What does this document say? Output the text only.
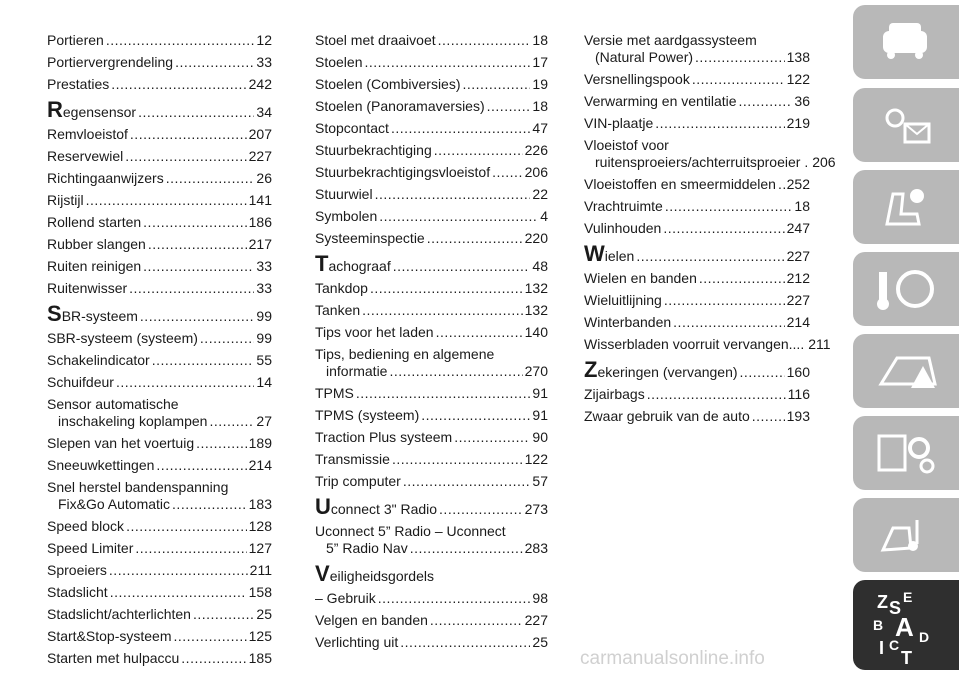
Portieren .....	12
Portiervergrendeling .....	33
Prestaties .....	242
Regensensor .....	34
Remvloeistof .....	207
Reservewiel .....	227
Richtingaanwijzers .....	26
Rijstijl .....	141
Rollend starten .....	186
Rubber slangen .....	217
Ruiten reinigen .....	33
Ruitenwisser .....	33
SBR-systeem .....	99
SBR-systeem (systeem) .....	99
Schakelindicator .....	55
Schuifdeur .....	14
Sensor automatische
inschakeling koplampen .....	27
Slepen van het voertuig .....	189
Sneeuwkettingen .....	214
Snel herstel bandenspanning
Fix&Go Automatic .....	183
Speed block .....	128
Speed Limiter .....	127
Sproeiers .....	211
Stadslicht .....	158
Stadslicht/achterlichten .....	25
Start&Stop-systeem .....	125
Starten met hulpaccu .....	185
Stoel met draaivoet .....	18
Stoelen .....	17
Stoelen (Combiversies) .....	19
Stoelen (Panoramaversies) .....	18
Stopcontact .....	47
Stuurbekrachtiging .....	226
Stuurbekrachtigingsvloeistof ..... 206
Stuurwiel .....	22
Symbolen .....	4
Systeeminspectie .....	220
Tachograaf .....	48
Tankdop .....	132
Tanken .....	132
Tips voor het laden .....	140
Tips, bediening en algemene
informatie .....	270
TPMS .....	91
TPMS (systeem) .....	91
Traction Plus systeem .....	90
Transmissie .....	122
Trip computer .....	57
Uconnect 3" Radio .....	273
Uconnect 5” Radio – Uconnect
5” Radio Nav .....	283
Veiligheidsgordels
– Gebruik .....	98
Velgen en banden .....	227
Verlichting uit .....	25
Versie met aardgassysteem
(Natural Power) .....	138
Versnellingspook .....	122
Verwarming en ventilatie .....	36
VIN-plaatje .....	219
Vloeistof voor
ruitensproeiers/achterruitsproeier . 206
Vloeistoffen en smeermiddelen ..... 252
Vrachtruimte .....	18
Vulinhouden .....	247
Wielen .....	227
Wielen en banden .....	212
Wieluitlijning .....	227
Winterbanden .....	214
Wisserbladen voorruit vervangen.... 211
Zekeringen (vervangen) .....	160
Zijairbags .....	116
Zwaar gebruik van de auto .....	193
Z E
S
B A D
I C
T
carmanualsonline.info
